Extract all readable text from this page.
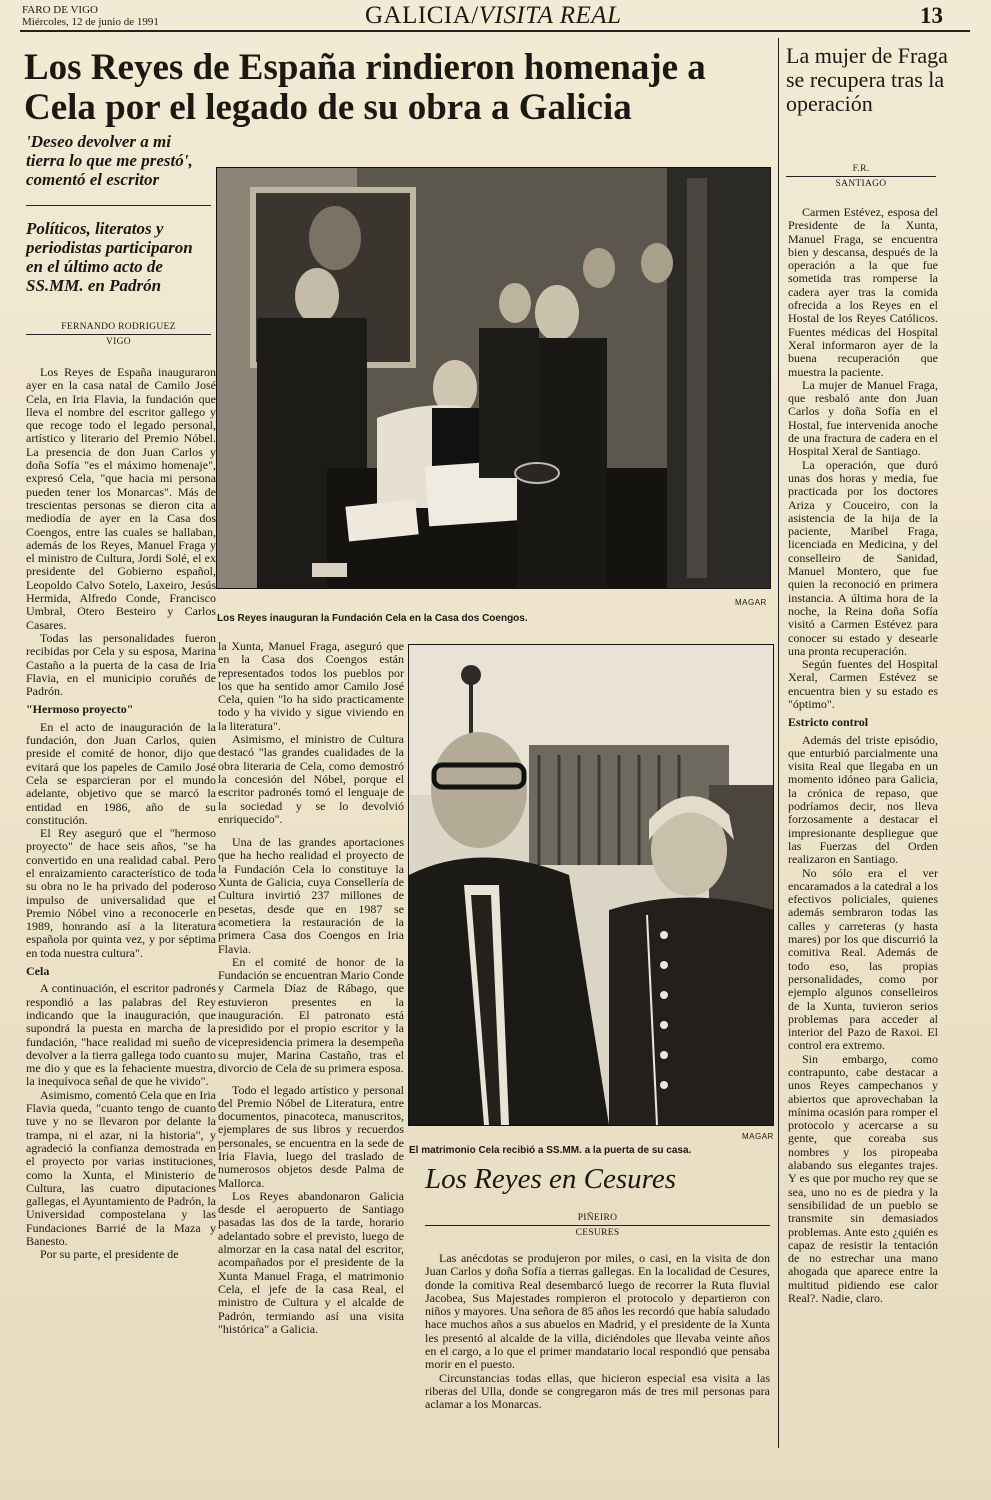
FARO DE VIGO
Miércoles, 12 de junio de 1991	GALICIA/VISITA REAL	13
Los Reyes de España rindieron homenaje a Cela por el legado de su obra a Galicia
'Deseo devolver a mi tierra lo que me prestó', comentó el escritor
Políticos, literatos y periodistas participaron en el último acto de SS.MM. en Padrón
FERNANDO RODRIGUEZ
VIGO

Los Reyes de España inauguraron ayer en la casa natal de Camilo José Cela, en Iria Flavia, la fundación que lleva el nombre del escritor gallego y que recoge todo el legado personal, artístico y literario del Premio Nóbel. La presencia de don Juan Carlos y doña Sofía "es el máximo homenaje", expresó Cela, "que hacia mi persona pueden tener los Monarcas". Más de trescientas personas se dieron cita a mediodía de ayer en la Casa dos Coengos, entre las cuales se hallaban, además de los Reyes, Manuel Fraga y el ministro de Cultura, Jordi Solé, el ex presidente del Gobierno español, Leopoldo Calvo Sotelo, Laxeiro, Jesús Hermida, Alfredo Conde, Francisco Umbral, Otero Besteiro y Carlos Casares.

Todas las personalidades fueron recibidas por Cela y su esposa, Marina Castaño a la puerta de la casa de Iria Flavia, en el municipio coruñés de Padrón.

"Hermoso proyecto"

En el acto de inauguración de la fundación, don Juan Carlos, quien preside el comité de honor, dijo que evitará que los papeles de Camilo José Cela se esparcieran por el mundo adelante, objetivo que se marcó la entidad en 1986, año de su constitución.

El Rey aseguró que el "hermoso proyecto" de hace seis años, "se ha convertido en una realidad cabal. Pero el enraizamiento característico de toda su obra no le ha privado del poderoso impulso de universalidad que el Premio Nóbel vino a reconocerle en 1989, honrando así a la literatura española por quinta vez, y por séptima en toda nuestra cultura".

Cela

A continuación, el escritor padronés respondió a las palabras del Rey indicando que la inauguración, que supondrá la puesta en marcha de la fundación, "hace realidad mi sueño de devolver a la tierra gallega todo cuanto me dio y que es la fehaciente muestra, la inequívoca señal de que he vivido".

Asimismo, comentó Cela que en Iria Flavia queda, "cuanto tengo de cuanto tuve y no se llevaron por delante la trampa, ni el azar, ni la historia", y agradeció la confianza demostrada en el proyecto por varias instituciones, como la Xunta, el Ministerio de Cultura, las cuatro diputaciones gallegas, el Ayuntamiento de Padrón, la Universidad compostelana y las Fundaciones Barrié de la Maza y Banesto.

Por su parte, el presidente de

MAGAR
Los Reyes inauguran la Fundación Cela en la Casa dos Coengos.

la Xunta, Manuel Fraga, aseguró que en la Casa dos Coengos están representados todos los pueblos por los que ha sentido amor Camilo José Cela, quien "lo ha sido practicamente todo y ha vivido y sigue viviendo en la literatura".

Asimismo, el ministro de Cultura destacó "las grandes cualidades de la obra literaria de Cela, como demostró la concesión del Nóbel, porque el escritor padronés tomó el lenguaje de la sociedad y se lo devolvió enriquecido".

Una de las grandes aportaciones que ha hecho realidad el proyecto de la Fundación Cela lo constituye la Xunta de Galicia, cuya Consellería de Cultura invirtió 237 millones de pesetas, desde que en 1987 se acometiera la restauración de la primera Casa dos Coengos en Iria Flavia.

En el comité de honor de la Fundación se encuentran Mario Conde y Carmela Díaz de Rábago, que estuvieron presentes en la inauguración. El patronato está presidido por el propio escritor y la vicepresidencia primera la desempeña su mujer, Marina Castaño, tras el divorcio de Cela de su primera esposa.

Todo el legado artístico y personal del Premio Nóbel de Literatura, entre documentos, pinacoteca, manuscritos, ejemplares de sus libros y recuerdos personales, se encuentra en la sede de Iria Flavia, luego del traslado de numerosos objetos desde Palma de Mallorca.

Los Reyes abandonaron Galicia desde el aeropuerto de Santiago pasadas las dos de la tarde, horario adelantado sobre el previsto, luego de almorzar en la casa natal del escritor, acompañados por el presidente de la Xunta Manuel Fraga, el matrimonio Cela, el jefe de la casa Real, el ministro de Cultura y el alcalde de Padrón, termiando así una visita "histórica" a Galicia.

MAGAR
El matrimonio Cela recibió a SS.MM. a la puerta de su casa.
Los Reyes en Cesures
PIÑEIRO
CESURES

Las anécdotas se produjeron por miles, o casi, en la visita de don Juan Carlos y doña Sofía a tierras gallegas. En la localidad de Cesures, donde la comitiva Real desembarcó luego de recorrer la Ruta fluvial Jacobea, Sus Majestades rompieron el protocolo y departieron con niños y mayores. Una señora de 85 años les recordó que había saludado hace muchos años a sus abuelos en Madrid, y el presidente de la Xunta les presentó al alcalde de la villa, diciéndoles que llevaba veinte años en el cargo, a lo que el primer mandatario local respondió que pensaba morir en el puesto.

Circunstancias todas ellas, que hicieron especial esa visita a las riberas del Ulla, donde se congregaron más de tres mil personas para aclamar a los Monarcas.

La mujer de Fraga se recupera tras la operación
F.R.
SANTIAGO

Carmen Estévez, esposa del Presidente de la Xunta, Manuel Fraga, se encuentra bien y descansa, después de la operación a la que fue sometida tras romperse la cadera ayer tras la comida ofrecida a los Reyes en el Hostal de los Reyes Católicos. Fuentes médicas del Hospital Xeral informaron ayer de la buena recuperación que muestra la paciente.

La mujer de Manuel Fraga, que resbaló ante don Juan Carlos y doña Sofía en el Hostal, fue intervenida anoche de una fractura de cadera en el Hospital Xeral de Santiago.

La operación, que duró unas dos horas y media, fue practicada por los doctores Ariza y Couceiro, con la asistencia de la hija de la paciente, Maribel Fraga, licenciada en Medicina, y del conselleiro de Sanidad, Manuel Montero, que fue quien la reconoció en primera instancia. A última hora de la noche, la Reina doña Sofía visitó a Carmen Estévez para conocer su estado y desearle una pronta recuperación.

Según fuentes del Hospital Xeral, Carmen Estévez se encuentra bien y su estado es "óptimo".

Estricto control

Además del triste episódio, que enturbió parcialmente una visita Real que llegaba en un momento idóneo para Galicia, la crónica de repaso, que podríamos decir, nos lleva forzosamente a destacar el impresionante despliegue que las Fuerzas del Orden realizaron en Santiago.

No sólo era el ver encaramados a la catedral a los efectivos policiales, quienes además sembraron todas las calles y carreteras (y hasta mares) por los que discurrió la comitiva Real. Además de todo eso, las propias personalidades, como por ejemplo algunos conselleiros de la Xunta, tuvieron serios problemas para acceder al interior del Pazo de Raxoi. El control era extremo.

Sin embargo, como contrapunto, cabe destacar a unos Reyes campechanos y abiertos que aprovechaban la mínima ocasión para romper el protocolo y acercarse a su gente, que coreaba sus nombres y los piropeaba alabando sus elegantes trajes. Y es que por mucho rey que se sea, uno no es de piedra y la sensibilidad de un pueblo se transmite sin demasiados problemas. Ante esto ¿quién es capaz de resistir la tentación de no estrechar una mano ahogada que aparece entre la multitud pidiendo ese calor Real?. Nadie, claro.
